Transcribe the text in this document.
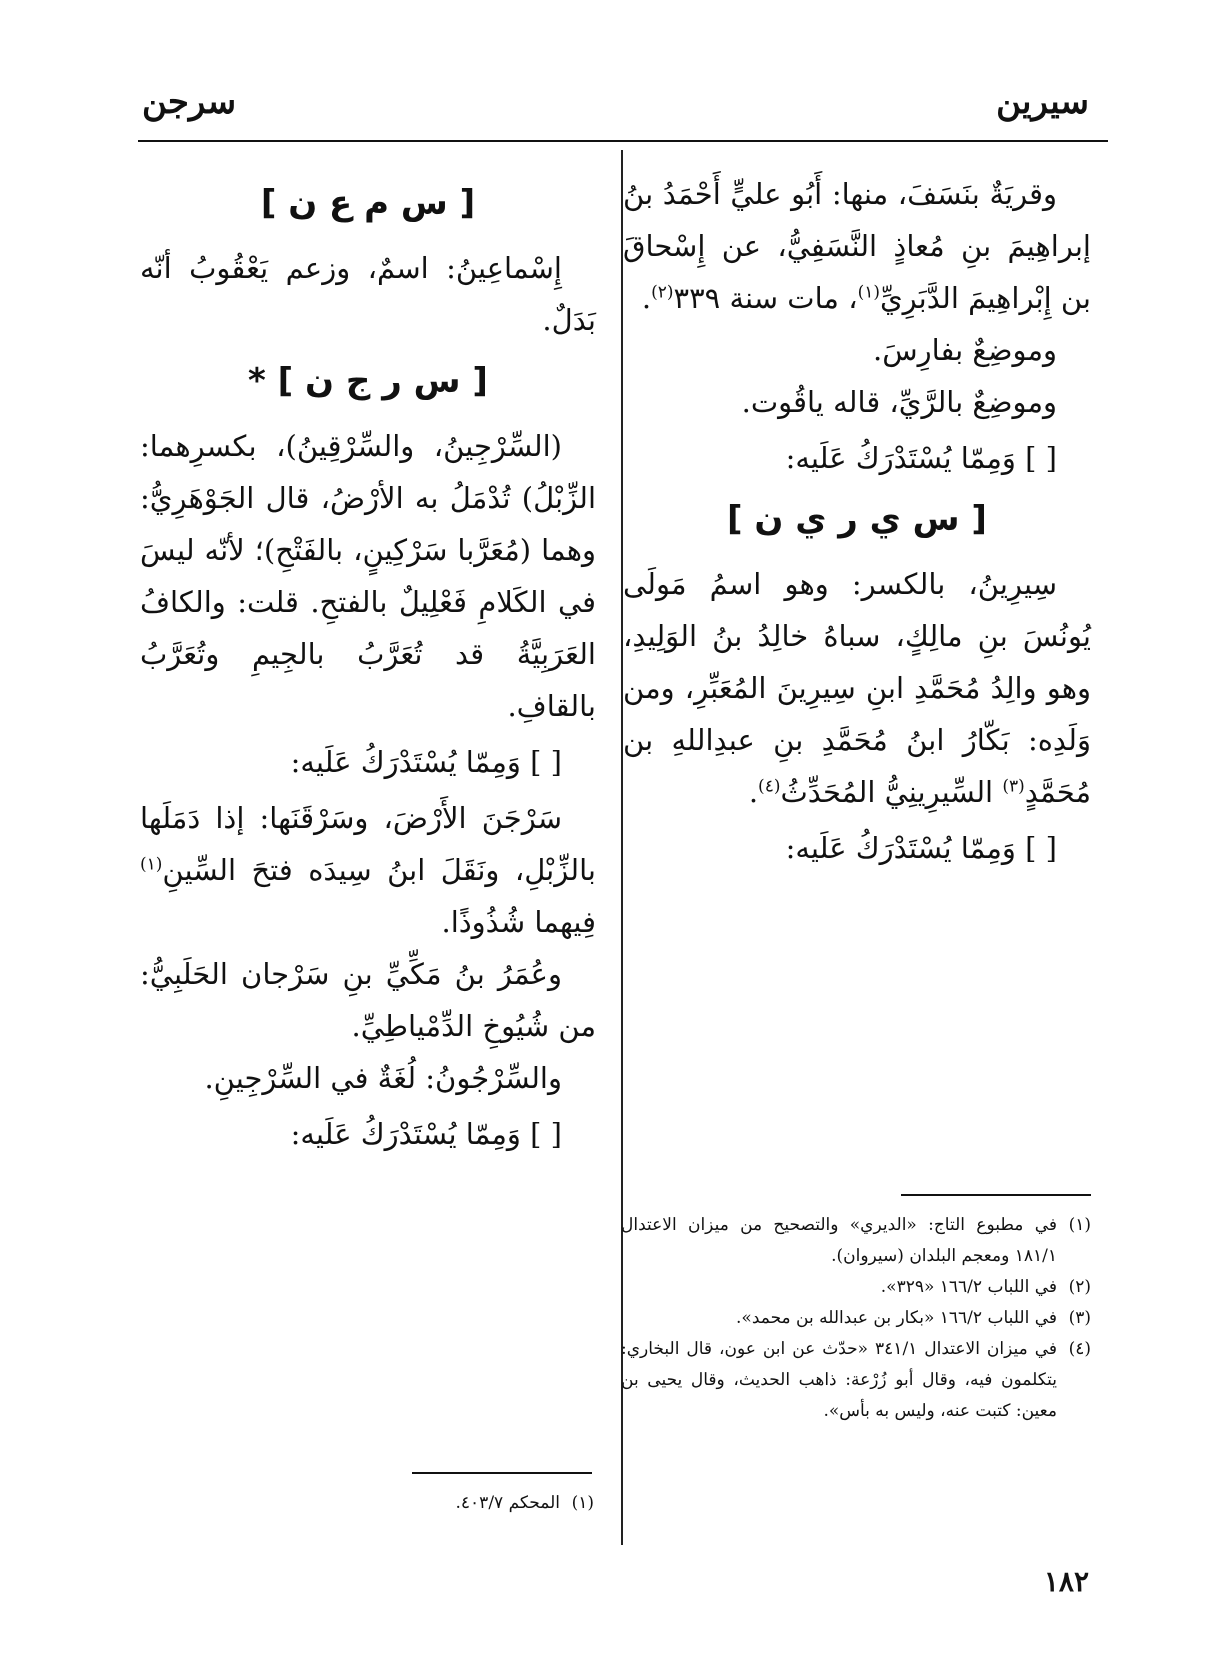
سيرين
سرجن

وقريَةٌ بنَسَفَ، منها: أَبُو عليٍّ أَحْمَدُ بنُ إبراهِيمَ بنِ مُعاذٍ النَّسَفِيُّ، عن إِسْحاقَ بن إِبْراهِيمَ الدَّبَرِيِّ$^{(١)}$، مات سنة ٣٣٩$^{(٢)}$.

وموضِعٌ بفارِسَ.

وموضِعٌ بالرَّيِّ، قاله ياقُوت.

[ ] وَمِمّا يُسْتَدْرَكُ عَلَيه:

[ س ي ر ي ن ]

سِيرِينُ، بالكسر: وهو اسمُ مَولَى يُونُسَ بنِ مالِكٍ، سباهُ خالِدُ بنُ الوَلِيدِ، وهو والِدُ مُحَمَّدِ ابنِ سِيرِينَ المُعَبِّرِ، ومن وَلَدِه: بَكّارُ ابنُ مُحَمَّدِ بنِ عبدِاللهِ بن مُحَمَّدٍ$^{(٣)}$ السِّيرِينِيُّ المُحَدِّثُ$^{(٤)}$.

[ ] وَمِمّا يُسْتَدْرَكُ عَلَيه:

[ س م ع ن ]

إِسْماعِينُ: اسمٌ، وزعم يَعْقُوبُ أنّه بَدَلٌ.

[ س ر ج ن ] *

(السِّرْجِينُ، والسِّرْقِينُ)، بكسرِهما: الزِّبْلُ) تُدْمَلُ به الأرْضُ، قال الجَوْهَرِيُّ: وهما (مُعَرَّبا سَرْكِينٍ، بالفَتْحِ)؛ لأنّه ليسَ في الكَلامِ فَعْلِيلٌ بالفتحِ. قلت: والكافُ العَرَبِيَّةُ قد تُعَرَّبُ بالجِيمِ وتُعَرَّبُ بالقافِ.

[ ] وَمِمّا يُسْتَدْرَكُ عَلَيه:

سَرْجَنَ الأَرْضَ، وسَرْقَنَها: إذا دَمَلَها بالزِّبْلِ، ونَقَلَ ابنُ سِيدَه فتحَ السِّينِ$^{(١)}$ فِيهما شُذُوذًا.

وعُمَرُ بنُ مَكِّيِّ بنِ سَرْجان الحَلَبِيُّ: من شُيُوخِ الدِّمْياطِيِّ.

والسِّرْجُونُ: لُغَةٌ في السِّرْجِينِ.

[ ] وَمِمّا يُسْتَدْرَكُ عَلَيه:

(١)
في مطبوع التاج: «الديري» والتصحيح من ميزان الاعتدال ١٨١/١ ومعجم البلدان (سيروان).
(٢)
في اللباب ١٦٦/٢ «٣٢٩».
(٣)
في اللباب ١٦٦/٢ «بكار بن عبدالله بن محمد».
(٤)
في ميزان الاعتدال ٣٤١/١ «حدّث عن ابن عون، قال البخاري: يتكلمون فيه، وقال أبو زُرْعة: ذاهب الحديث، وقال يحيى بن معين: كتبت عنه، وليس به بأس».
(١)
المحكم ٤٠٣/٧.
١٨٢
